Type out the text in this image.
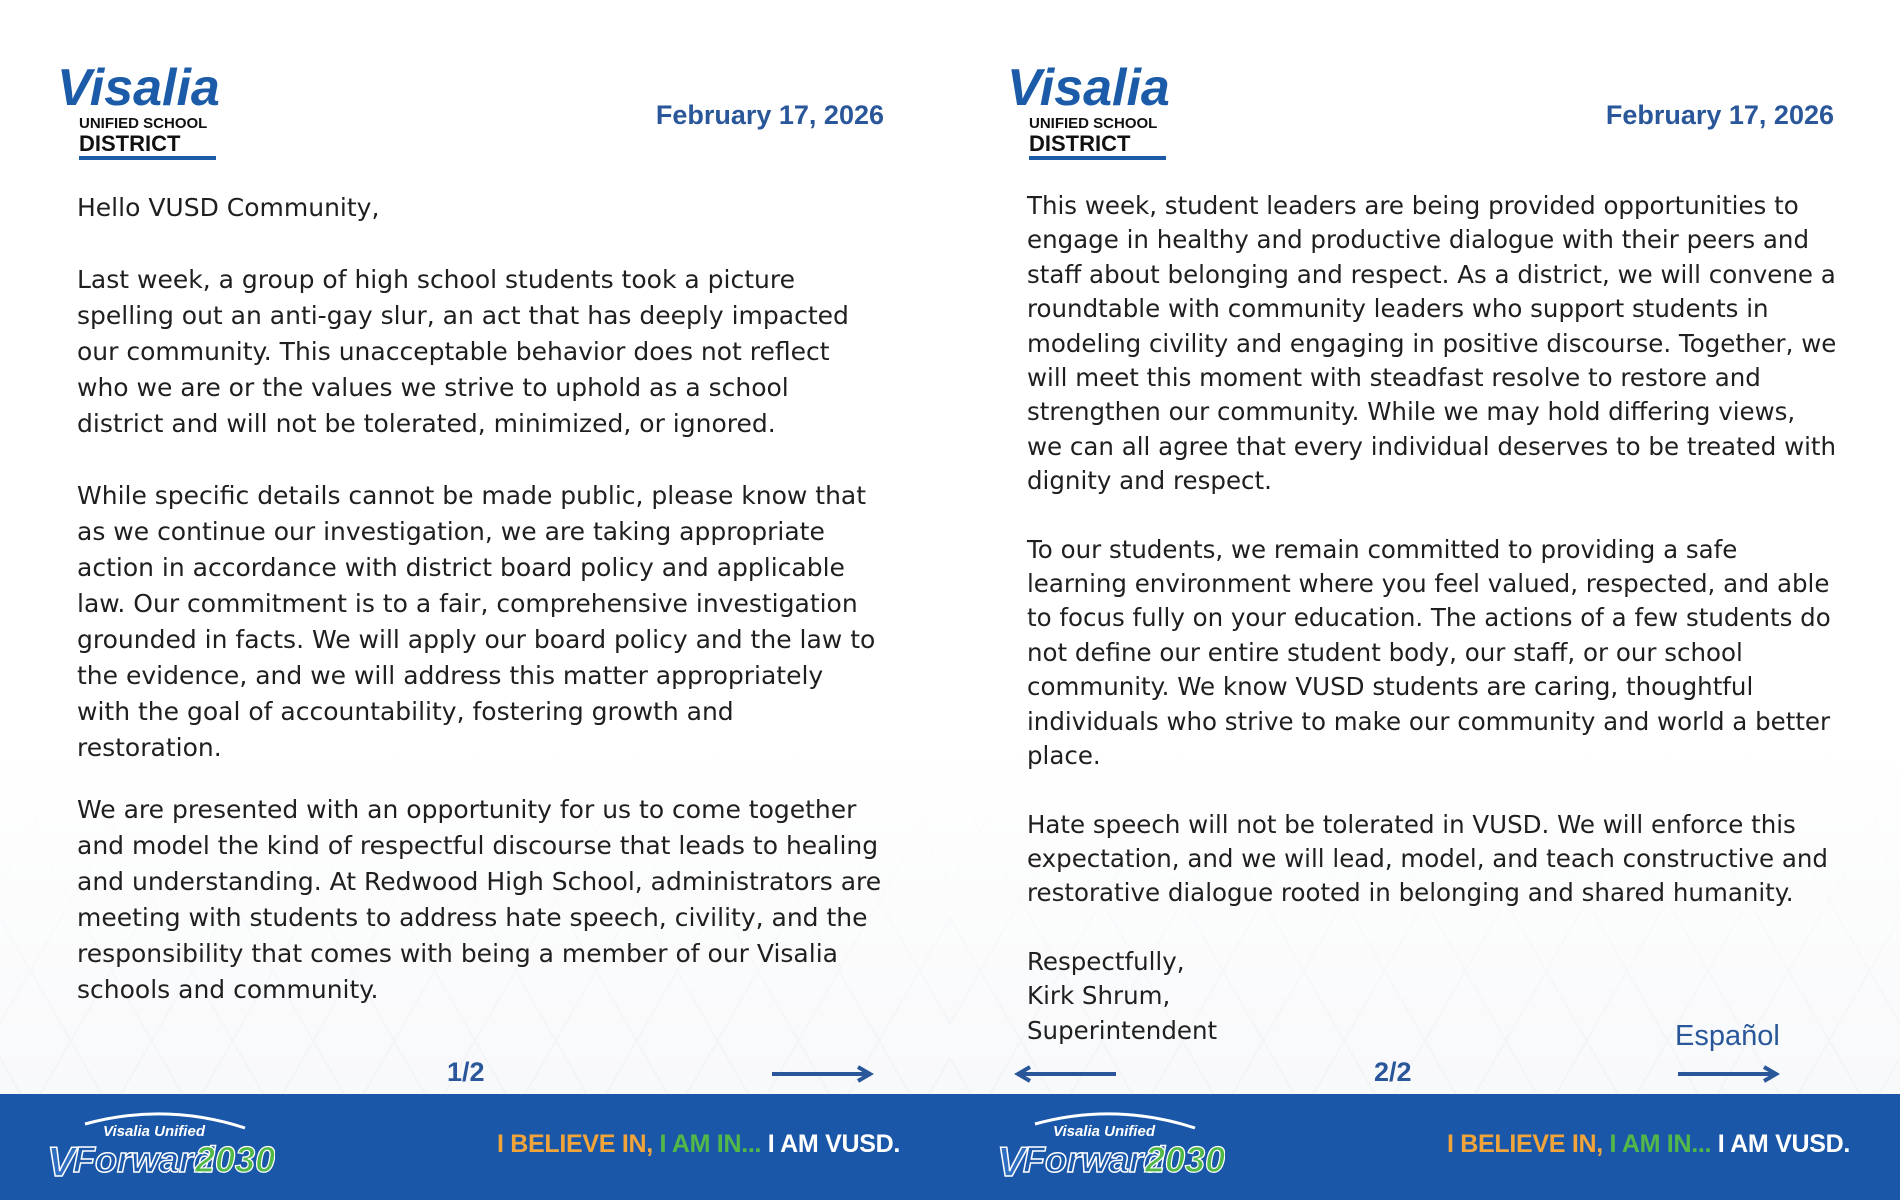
Visalia
UNIFIED SCHOOL
DISTRICT
February 17, 2026

Hello VUSD Community,

Last week, a group of high school students took a picture spelling out an anti-gay slur, an act that has deeply impacted our community. This unacceptable behavior does not reflect who we are or the values we strive to uphold as a school district and will not be tolerated, minimized, or ignored.

While specific details cannot be made public, please know that as we continue our investigation, we are taking appropriate action in accordance with district board policy and applicable law. Our commitment is to a fair, comprehensive investigation grounded in facts. We will apply our board policy and the law to the evidence, and we will address this matter appropriately with the goal of accountability, fostering growth and restoration.

We are presented with an opportunity for us to come together and model the kind of respectful discourse that leads to healing and understanding. At Redwood High School, administrators are meeting with students to address hate speech, civility, and the responsibility that comes with being a member of our Visalia schools and community.

1/2
Visalia Unified
V
Forward
2030	I BELIEVE IN, I AM IN... I AM VUSD.
Visalia
UNIFIED SCHOOL
DISTRICT
February 17, 2026

This week, student leaders are being provided opportunities to engage in healthy and productive dialogue with their peers and staff about belonging and respect. As a district, we will convene a roundtable with community leaders who support students in modeling civility and engaging in positive discourse. Together, we will meet this moment with steadfast resolve to restore and strengthen our community. While we may hold differing views, we can all agree that every individual deserves to be treated with dignity and respect.

To our students, we remain committed to providing a safe learning environment where you feel valued, respected, and able to focus fully on your education. The actions of a few students do not define our entire student body, our staff, or our school community. We know VUSD students are caring, thoughtful individuals who strive to make our community and world a better place.

Hate speech will not be tolerated in VUSD. We will enforce this expectation, and we will lead, model, and teach constructive and restorative dialogue rooted in belonging and shared humanity.

Respectfully,
Kirk Shrum,
Superintendent	Español
2/2
Visalia Unified
V
Forward
2030	I BELIEVE IN, I AM IN... I AM VUSD.
